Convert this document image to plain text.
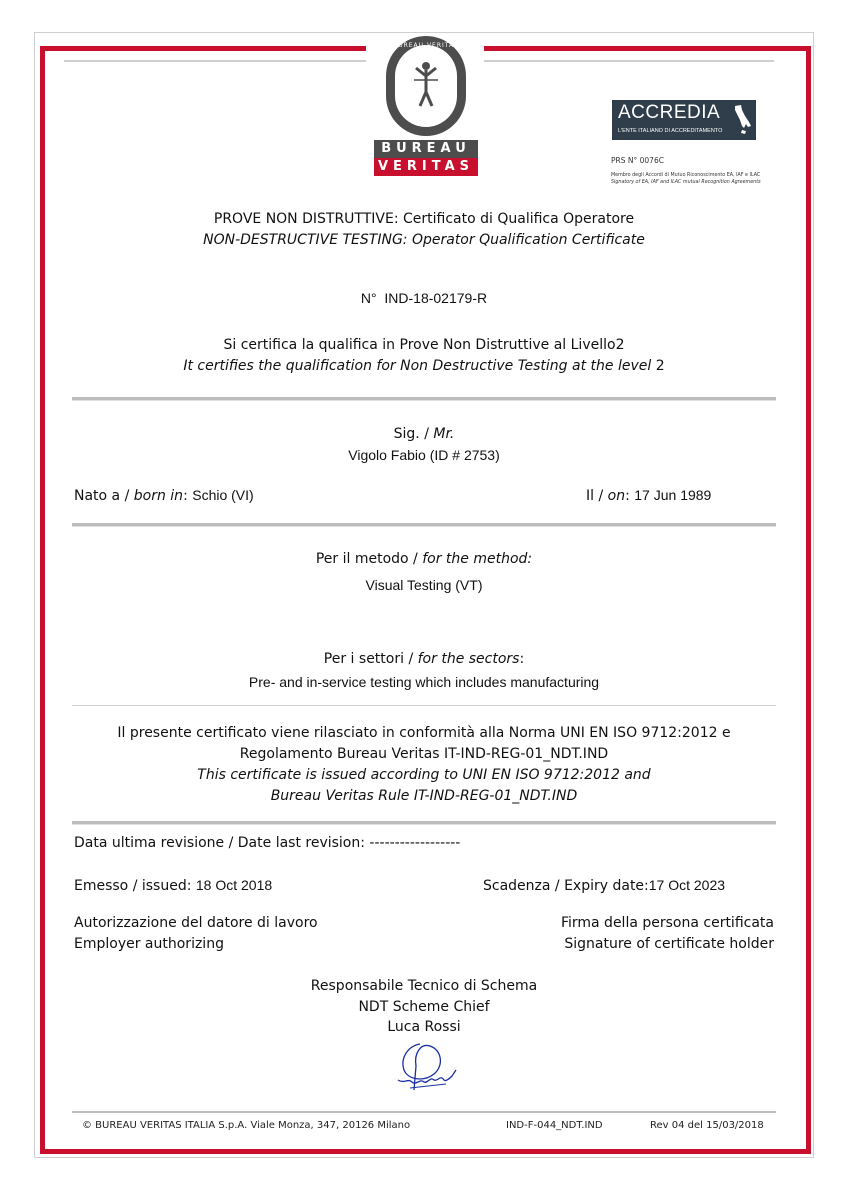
BUREAU VERITAS
1828
BUREAU
VERITAS
ACCREDIA
L'ENTE ITALIANO DI ACCREDITAMENTO
PRS N° 0076C
Membro degli Accordi di Mutuo Riconoscimento EA, IAF e ILAC
Signatory of EA, IAF and ILAC mutual Recognition Agreements
PROVE NON DISTRUTTIVE: Certificato di Qualifica Operatore
NON-DESTRUCTIVE TESTING: Operator Qualification Certificate
N° IND-18-02179-R
Si certifica la qualifica in Prove Non Distruttive al Livello2
It certifies the qualification for Non Destructive Testing at the level 2
Sig. / Mr.
Vigolo Fabio (ID # 2753)
Nato a / born in: Schio (VI)	Il / on: 17 Jun 1989
Per il metodo / for the method:
Visual Testing (VT)
Per i settori / for the sectors:
Pre- and in-service testing which includes manufacturing
Il presente certificato viene rilasciato in conformità alla Norma UNI EN ISO 9712:2012 e
Regolamento Bureau Veritas IT-IND-REG-01_NDT.IND
This certificate is issued according to UNI EN ISO 9712:2012 and
Bureau Veritas Rule IT-IND-REG-01_NDT.IND
Data ultima revisione / Date last revision: ------------------
Emesso / issued: 18 Oct 2018	Scadenza / Expiry date:17 Oct 2023
Autorizzazione del datore di lavoro
Employer authorizing
Firma della persona certificata
Signature of certificate holder
Responsabile Tecnico di Schema
NDT Scheme Chief
Luca Rossi
© BUREAU VERITAS ITALIA S.p.A. Viale Monza, 347, 20126 Milano	IND-F-044_NDT.IND	Rev 04 del 15/03/2018
